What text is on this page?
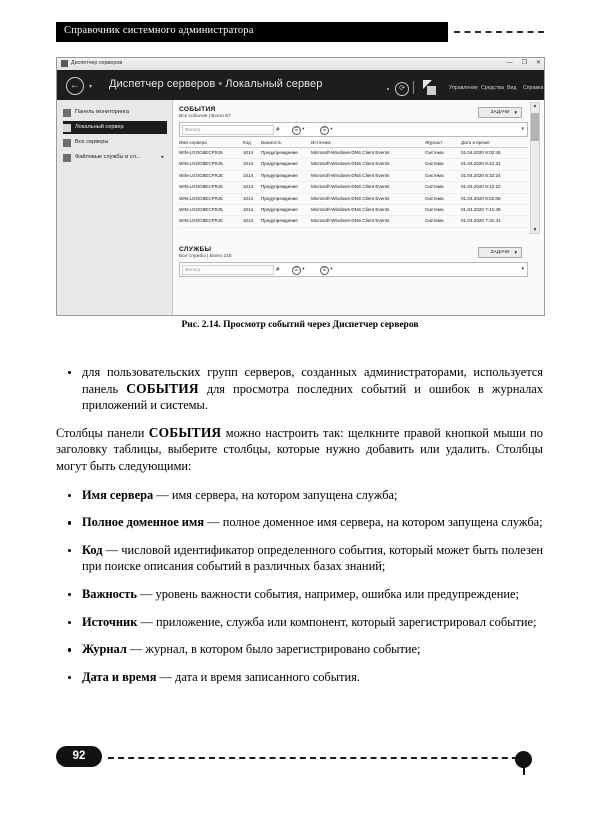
Справочник системного администратора
Диспетчер серверов	— ❐ ✕
←	▾ Диспетчер серверов • Локальный сервер	⟳	Управление Средства Вид Справка
Панель мониторинга
Локальный сервер
Все серверы
Файловые службы и сл...	▸
СОБЫТИЯ
Все события | Всего 57
ЗАДАЧИ ▼
Фильтр	⌕	☰ ▾	☰ ▾	▾
Имя сервера	Код	Важность	Источник	Журнал	Дата и время
WIN-LGOG8ECFRJ5	1014	Предупреждение	Microsoft-Windows-DNS Client Events	Система	01.04.2020 9:02:45
WIN-LGOG8ECFRJ5	1014	Предупреждение	Microsoft-Windows-DNS Client Events	Система	01.04.2020 8:42:31
WIN-LGOG8ECFRJ5	1014	Предупреждение	Microsoft-Windows-DNS Client Events	Система	01.04.2020 8:32:24
WIN-LGOG8ECFRJ5	1014	Предупреждение	Microsoft-Windows-DNS Client Events	Система	01.04.2020 8:12:10
WIN-LGOG8ECFRJ5	1014	Предупреждение	Microsoft-Windows-DNS Client Events	Система	01.04.2020 8:02:09
WIN-LGOG8ECFRJ5	1014	Предупреждение	Microsoft-Windows-DNS Client Events	Система	01.04.2020 7:41:48
WIN-LGOG8ECFRJ5	1014	Предупреждение	Microsoft-Windows-DNS Client Events	Система	01.04.2020 7:31:41
СЛУЖБЫ
Все службы | Всего 216
ЗАДАЧИ ▼
Фильтр	⌕	☰ ▾	☰ ▾	▾
▲
▼
Рис. 2.14. Просмотр событий через Диспетчер серверов
для пользовательских групп серверов, созданных администраторами, используется панель СОБЫТИЯ для просмотра последних событий и ошибок в журналах приложений и системы.
Столбцы панели СОБЫТИЯ можно настроить так: щелкните правой кнопкой мыши по заголовку таблицы, выберите столбцы, которые нужно добавить или удалить. Столбцы могут быть следующими:
Имя сервера — имя сервера, на котором запущена служба;
Полное доменное имя — полное доменное имя сервера, на котором запущена служба;
Код — числовой идентификатор определенного события, который может быть полезен при поиске описания событий в различных базах знаний;
Важность — уровень важности события, например, ошибка или предупреждение;
Источник — приложение, служба или компонент, который зарегистрировал событие;
Журнал — журнал, в котором было зарегистрировано событие;
Дата и время — дата и время записанного события.
92
